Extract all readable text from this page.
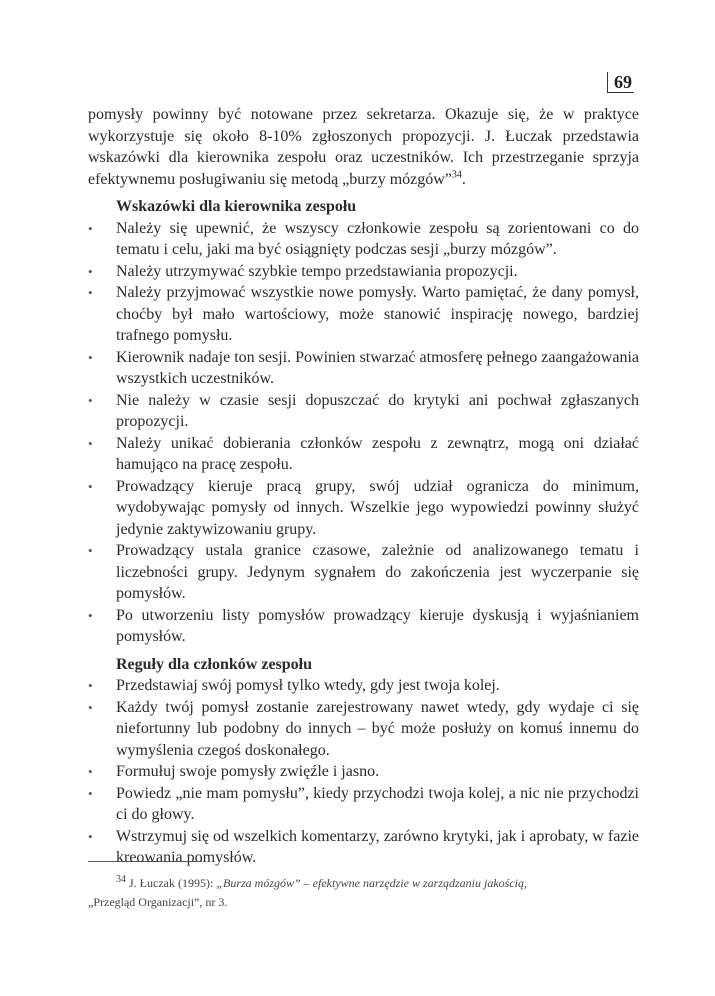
69

pomysły powinny być notowane przez sekretarza. Okazuje się, że w praktyce wykorzystuje się około 8-10% zgłoszonych propozycji. J. Łuczak przedstawia wskazówki dla kierownika zespołu oraz uczestników. Ich przestrzeganie sprzyja efektywnemu posługiwaniu się metodą „burzy mózgów”$^{34}$.

Wskazówki dla kierownika zespołu
• Należy się upewnić, że wszyscy członkowie zespołu są zorientowani co do tematu i celu, jaki ma być osiągnięty podczas sesji „burzy mózgów”.
• Należy utrzymywać szybkie tempo przedstawiania propozycji.
• Należy przyjmować wszystkie nowe pomysły. Warto pamiętać, że dany pomysł, choćby był mało wartościowy, może stanowić inspirację nowego, bardziej trafnego pomysłu.
• Kierownik nadaje ton sesji. Powinien stwarzać atmosferę pełnego zaangażowania wszystkich uczestników.
• Nie należy w czasie sesji dopuszczać do krytyki ani pochwał zgłaszanych propozycji.
• Należy unikać dobierania członków zespołu z zewnątrz, mogą oni działać hamująco na pracę zespołu.
• Prowadzący kieruje pracą grupy, swój udział ogranicza do minimum, wydobywając pomysły od innych. Wszelkie jego wypowiedzi powinny służyć jedynie zaktywizowaniu grupy.
• Prowadzący ustala granice czasowe, zależnie od analizowanego tematu i liczebności grupy. Jedynym sygnałem do zakończenia jest wyczerpanie się pomysłów.
• Po utworzeniu listy pomysłów prowadzący kieruje dyskusją i wyjaśnianiem pomysłów.
Reguły dla członków zespołu
• Przedstawiaj swój pomysł tylko wtedy, gdy jest twoja kolej.
• Każdy twój pomysł zostanie zarejestrowany nawet wtedy, gdy wydaje ci się niefortunny lub podobny do innych – być może posłuży on komuś innemu do wymyślenia czegoś doskonałego.
• Formułuj swoje pomysły zwięźle i jasno.
• Powiedz „nie mam pomysłu”, kiedy przychodzi twoja kolej, a nic nie przychodzi ci do głowy.
• Wstrzymuj się od wszelkich komentarzy, zarówno krytyki, jak i aprobaty, w fazie kreowania pomysłów.
$^{34}$ J. Łuczak (1995): „Burza mózgów” – efektywne narzędzie w zarządzaniu jakością,
„Przegląd Organizacji”, nr 3.
